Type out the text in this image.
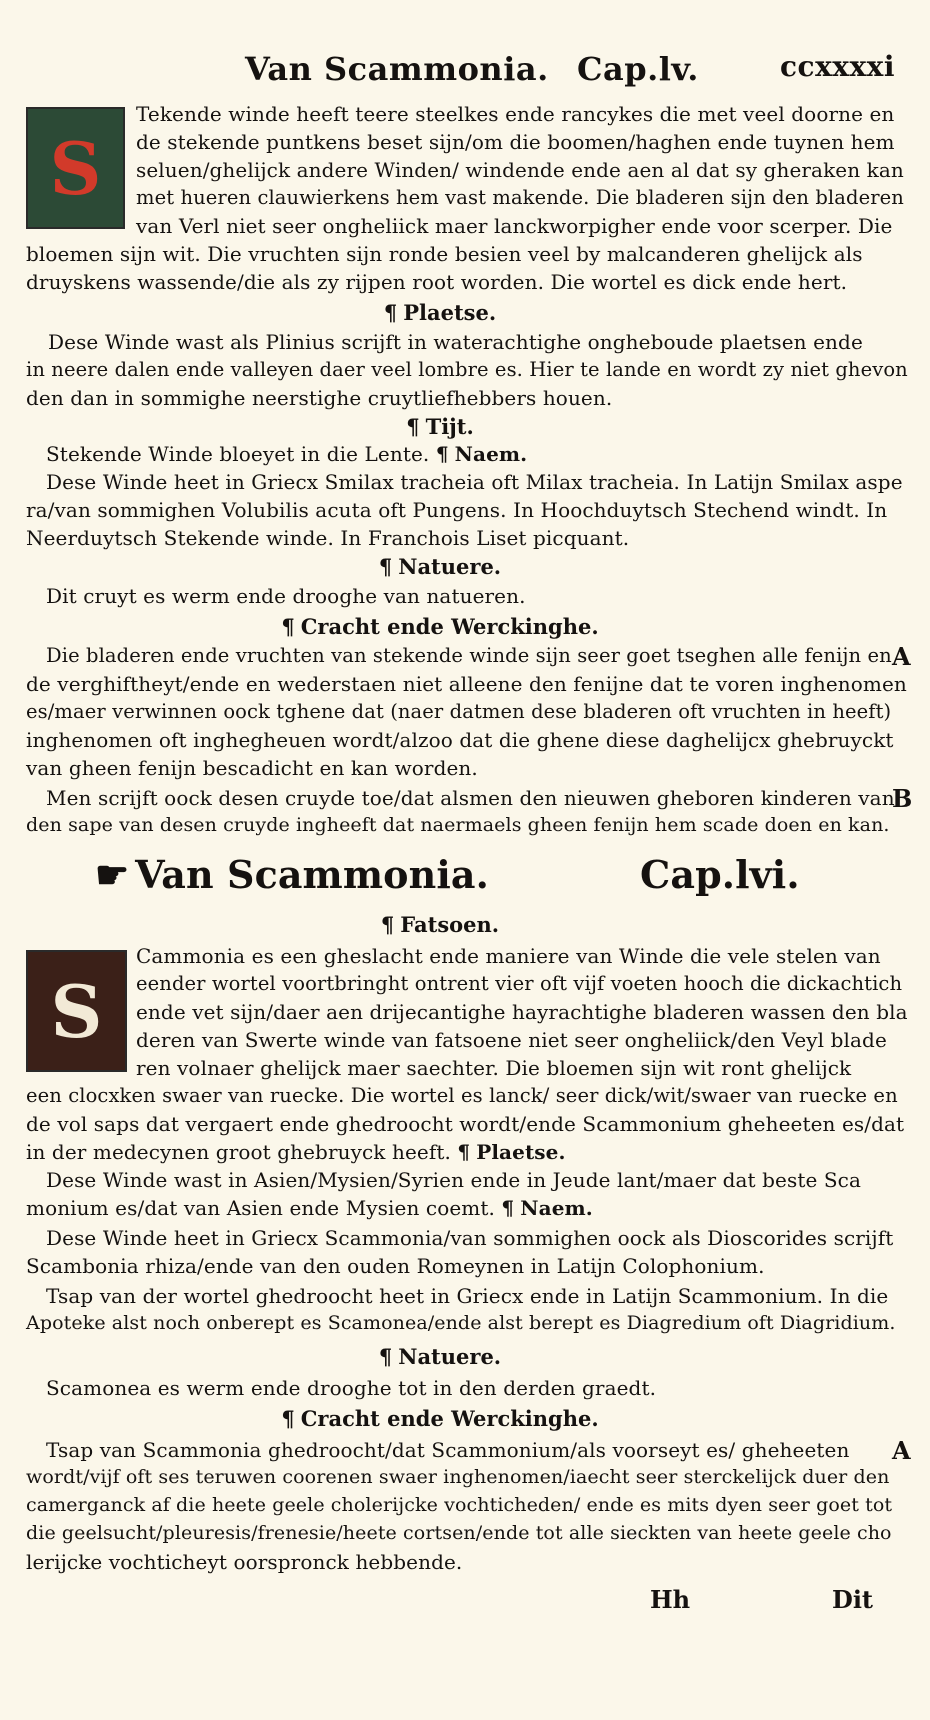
Van Scammonia. Cap.lv.	ccxxxxi
S
S
Tekende winde heeft teere steelkes ende rancykes die met veel doorne en
de stekende puntkens beset sijn/om die boomen/haghen ende tuynen hem
seluen/ghelijck andere Winden/ windende ende aen al dat sy gheraken kan
met hueren clauwierkens hem vast makende. Die bladeren sijn den bladeren
van Verl niet seer ongheliick maer lanckworpigher ende voor scerper. Die
bloemen sijn wit. Die vruchten sijn ronde besien veel by malcanderen ghelijck als
druyskens wassende/die als zy rijpen root worden. Die wortel es dick ende hert.
¶ Plaetse.
Dese Winde wast als Plinius scrijft in waterachtighe ongheboude plaetsen ende
in neere dalen ende valleyen daer veel lombre es. Hier te lande en wordt zy niet ghevon
den dan in sommighe neerstighe cruytliefhebbers houen.
¶ Tijt.
Stekende Winde bloeyet in die Lente. ¶ Naem.
Dese Winde heet in Griecx Smilax tracheia oft Milax tracheia. In Latijn Smilax aspe
ra/van sommighen Volubilis acuta oft Pungens. In Hoochduytsch Stechend windt. In
Neerduytsch Stekende winde. In Franchois Liset picquant.
¶ Natuere.
Dit cruyt es werm ende drooghe van natueren.
¶ Cracht ende Werckinghe.
Die bladeren ende vruchten van stekende winde sijn seer goet tseghen alle fenijn en
de verghiftheyt/ende en wederstaen niet alleene den fenijne dat te voren inghenomen
es/maer verwinnen oock tghene dat (naer datmen dese bladeren oft vruchten in heeft)
inghenomen oft inghegheuen wordt/alzoo dat die ghene diese daghelijcx ghebruyckt
van gheen fenijn bescadicht en kan worden.
Men scrijft oock desen cruyde toe/dat alsmen den nieuwen gheboren kinderen van
den sape van desen cruyde ingheeft dat naermaels gheen fenijn hem scade doen en kan.
A
B
☛ Van Scammonia.	Cap.lvi.
¶ Fatsoen.
Cammonia es een gheslacht ende maniere van Winde die vele stelen van
eender wortel voortbringht ontrent vier oft vijf voeten hooch die dickachtich
ende vet sijn/daer aen drijecantighe hayrachtighe bladeren wassen den bla
deren van Swerte winde van fatsoene niet seer ongheliick/den Veyl blade
ren volnaer ghelijck maer saechter. Die bloemen sijn wit ront ghelijck
een clocxken swaer van ruecke. Die wortel es lanck/ seer dick/wit/swaer van ruecke en
de vol saps dat vergaert ende ghedroocht wordt/ende Scammonium gheheeten es/dat
in der medecynen groot ghebruyck heeft. ¶ Plaetse.
Dese Winde wast in Asien/Mysien/Syrien ende in Jeude lant/maer dat beste Sca
monium es/dat van Asien ende Mysien coemt. ¶ Naem.
Dese Winde heet in Griecx Scammonia/van sommighen oock als Dioscorides scrijft
Scambonia rhiza/ende van den ouden Romeynen in Latijn Colophonium.
Tsap van der wortel ghedroocht heet in Griecx ende in Latijn Scammonium. In die
Apoteke alst noch onberept es Scamonea/ende alst berept es Diagredium oft Diagridium.
¶ Natuere.
Scamonea es werm ende drooghe tot in den derden graedt.
¶ Cracht ende Werckinghe.
Tsap van Scammonia ghedroocht/dat Scammonium/als voorseyt es/ gheheeten
wordt/vijf oft ses teruwen coorenen swaer inghenomen/iaecht seer sterckelijck duer den
camerganck af die heete geele cholerijcke vochticheden/ ende es mits dyen seer goet tot
die geelsucht/pleuresis/frenesie/heete cortsen/ende tot alle sieckten van heete geele cho
lerijcke vochticheyt oorspronck hebbende.
A
Hh	Dit
